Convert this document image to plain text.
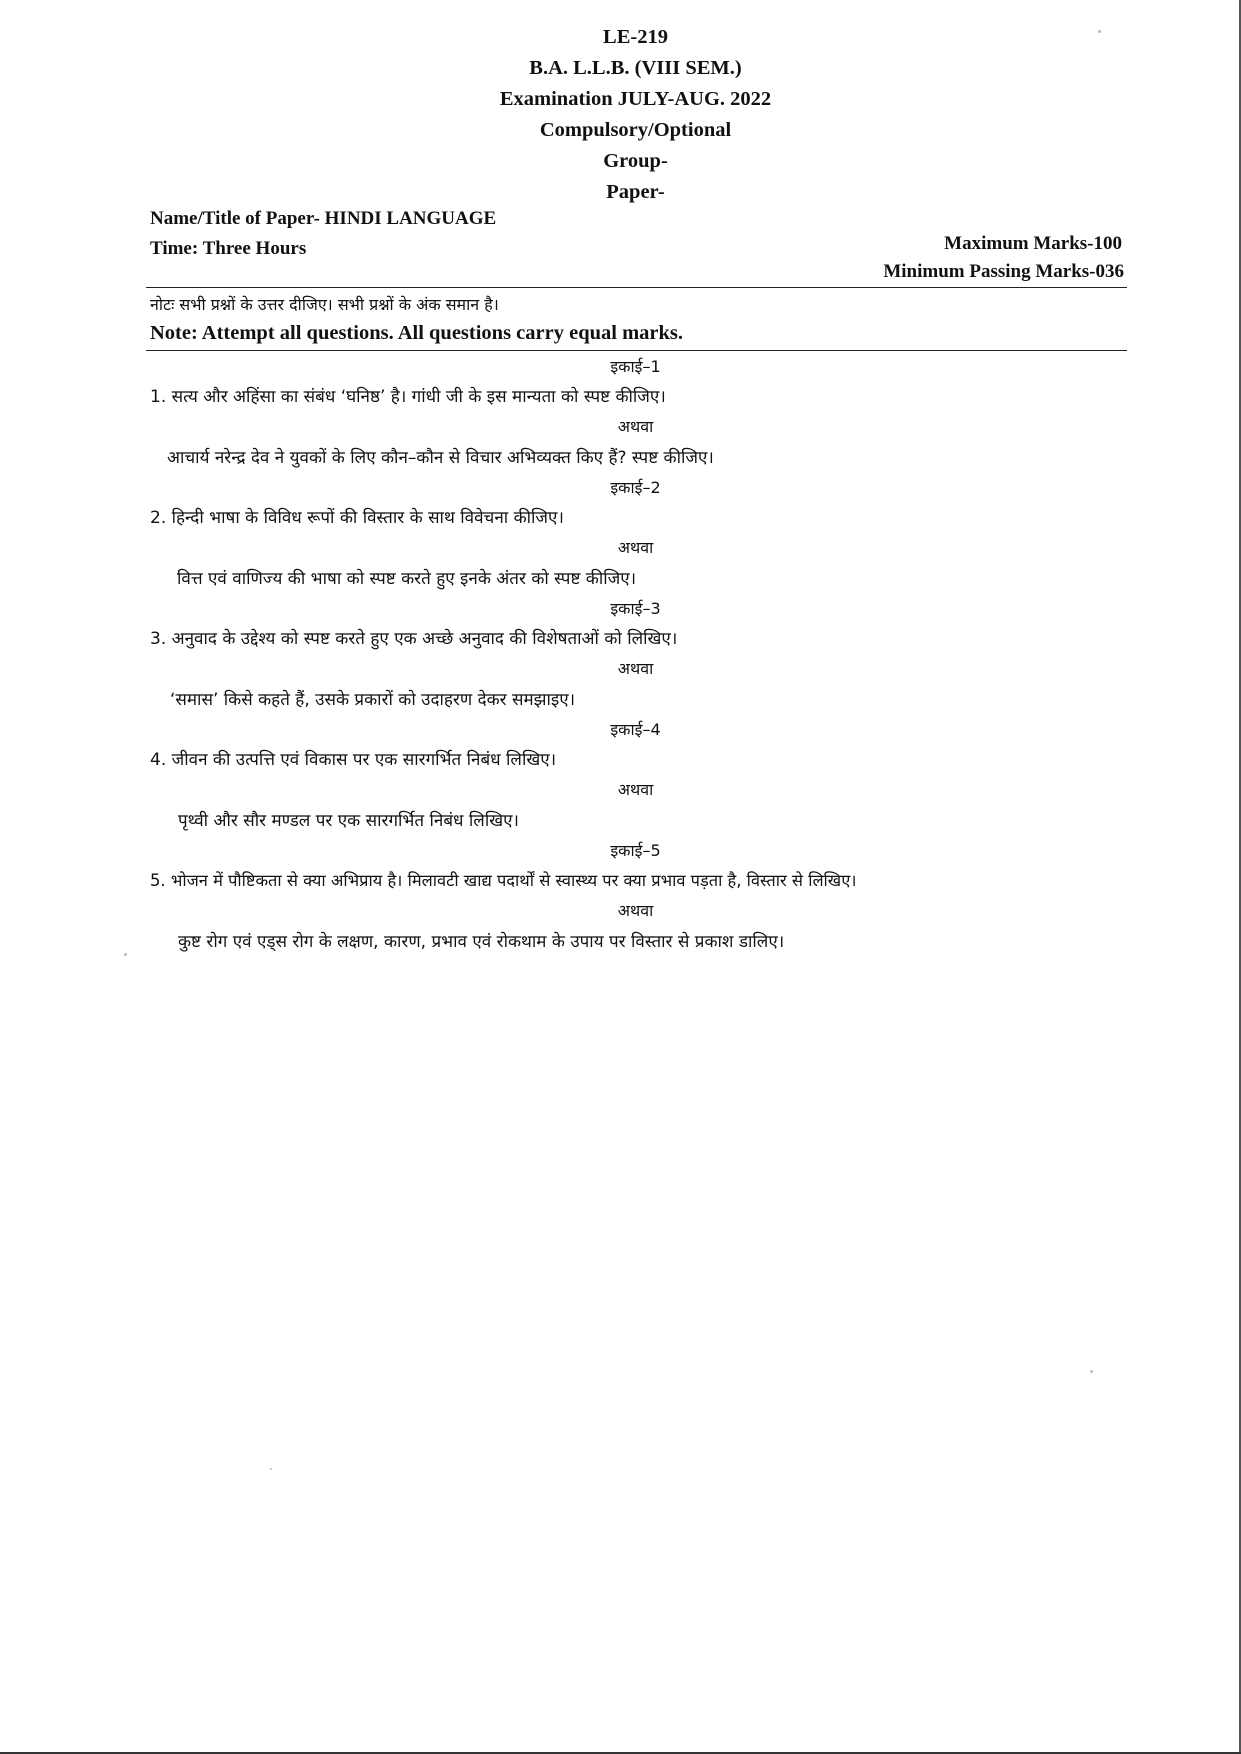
LE-219
B.A. L.L.B. (VIII SEM.)
Examination JULY-AUG. 2022
Compulsory/Optional
Group-
Paper-
Name/Title of Paper- HINDI LANGUAGE
Time: Three Hours	Maximum Marks-100
Minimum Passing Marks-036
नोटः सभी प्रश्नों के उत्तर दीजिए। सभी प्रश्नों के अंक समान है।
Note: Attempt all questions. All questions carry equal marks.
इकाई–1
1. सत्य और अहिंसा का संबंध ‘घनिष्ठ’ है। गांधी जी के इस मान्यता को स्पष्ट कीजिए।
अथवा
आचार्य नरेन्द्र देव ने युवकों के लिए कौन–कौन से विचार अभिव्यक्त किए हैं? स्पष्ट कीजिए।
इकाई–2
2. हिन्दी भाषा के विविध रूपों की विस्तार के साथ विवेचना कीजिए।
अथवा
वित्त एवं वाणिज्य की भाषा को स्पष्ट करते हुए इनके अंतर को स्पष्ट कीजिए।
इकाई–3
3. अनुवाद के उद्देश्य को स्पष्ट करते हुए एक अच्छे अनुवाद की विशेषताओं को लिखिए।
अथवा
‘समास’ किसे कहते हैं, उसके प्रकारों को उदाहरण देकर समझाइए।
इकाई–4
4. जीवन की उत्पत्ति एवं विकास पर एक सारगर्भित निबंध लिखिए।
अथवा
पृथ्वी और सौर मण्डल पर एक सारगर्भित निबंध लिखिए।
इकाई–5
5. भोजन में पौष्टिकता से क्या अभिप्राय है। मिलावटी खाद्य पदार्थों से स्वास्थ्य पर क्या प्रभाव पड़ता है, विस्तार से लिखिए।
अथवा
कुष्ट रोग एवं एड्स रोग के लक्षण, कारण, प्रभाव एवं रोकथाम के उपाय पर विस्तार से प्रकाश डालिए।
